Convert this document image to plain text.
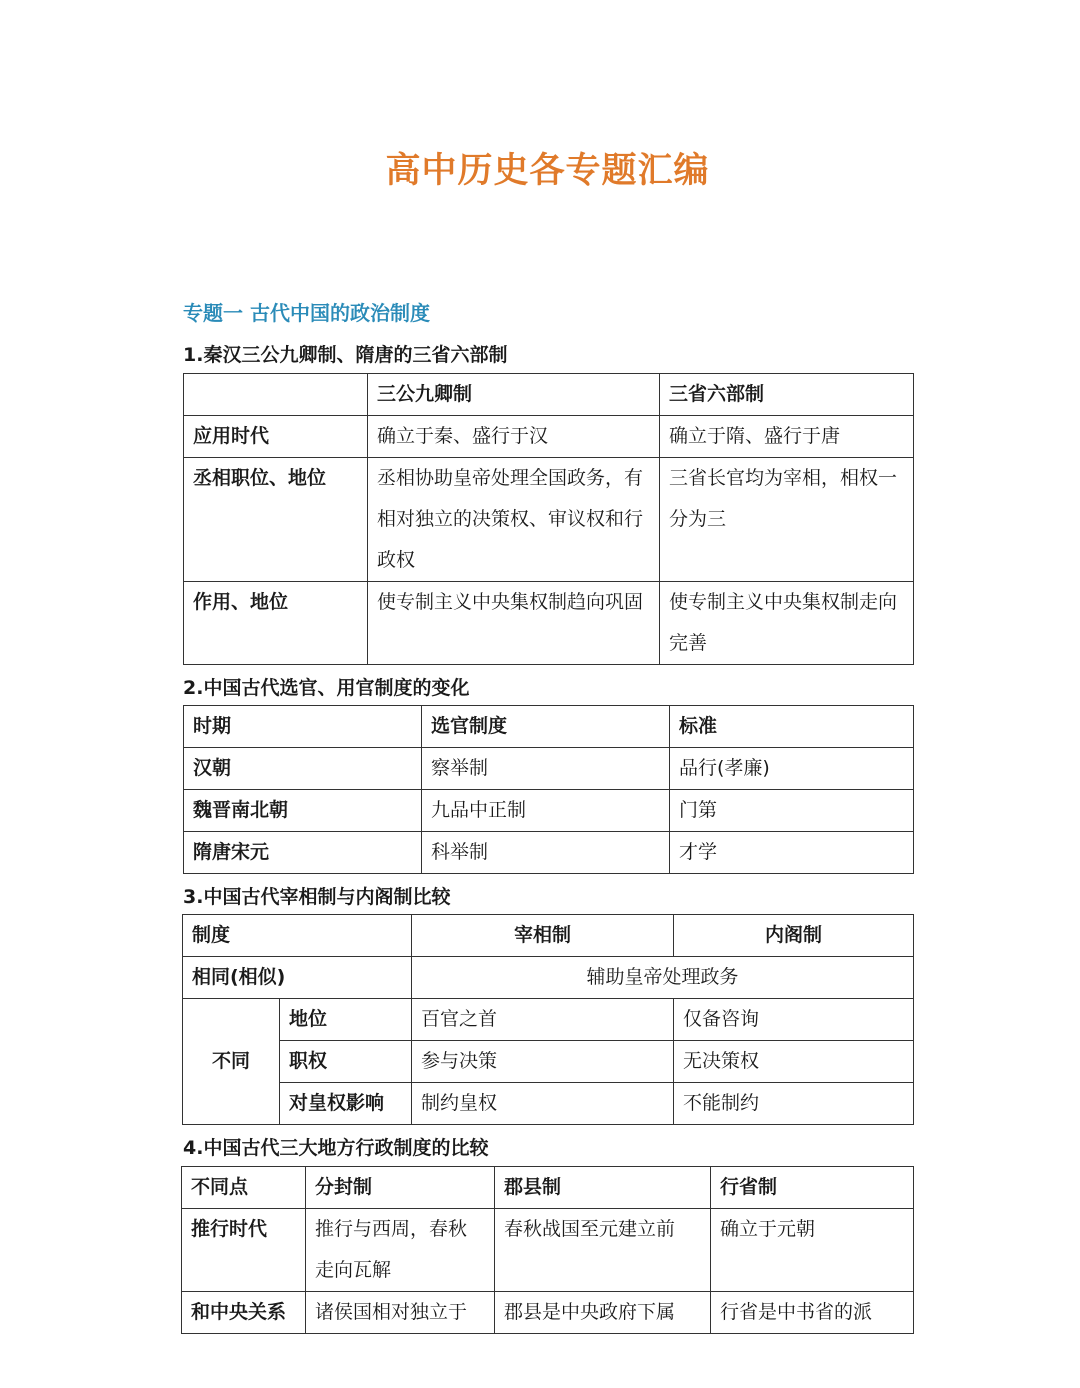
高中历史各专题汇编
专题一 古代中国的政治制度
1.秦汉三公九卿制、隋唐的三省六部制
	三公九卿制	三省六部制
应用时代	确立于秦、盛行于汉	确立于隋、盛行于唐
丞相职位、地位	丞相协助皇帝处理全国政务，有相对独立的决策权、审议权和行政权	三省长官均为宰相，相权一分为三
作用、地位	使专制主义中央集权制趋向巩固	使专制主义中央集权制走向完善
2.中国古代选官、用官制度的变化
时期	选官制度	标准
汉朝	察举制	品行(孝廉)
魏晋南北朝	九品中正制	门第
隋唐宋元	科举制	才学
3.中国古代宰相制与内阁制比较
制度		宰相制	内阁制
相同(相似)		辅助皇帝处理政务	
不同	地位	百官之首	仅备咨询
	职权	参与决策	无决策权
	对皇权影响	制约皇权	不能制约
4.中国古代三大地方行政制度的比较
不同点	分封制	郡县制	行省制
推行时代	推行与西周，春秋走向瓦解	春秋战国至元建立前	确立于元朝
和中央关系	诸侯国相对独立于	郡县是中央政府下属	行省是中书省的派
